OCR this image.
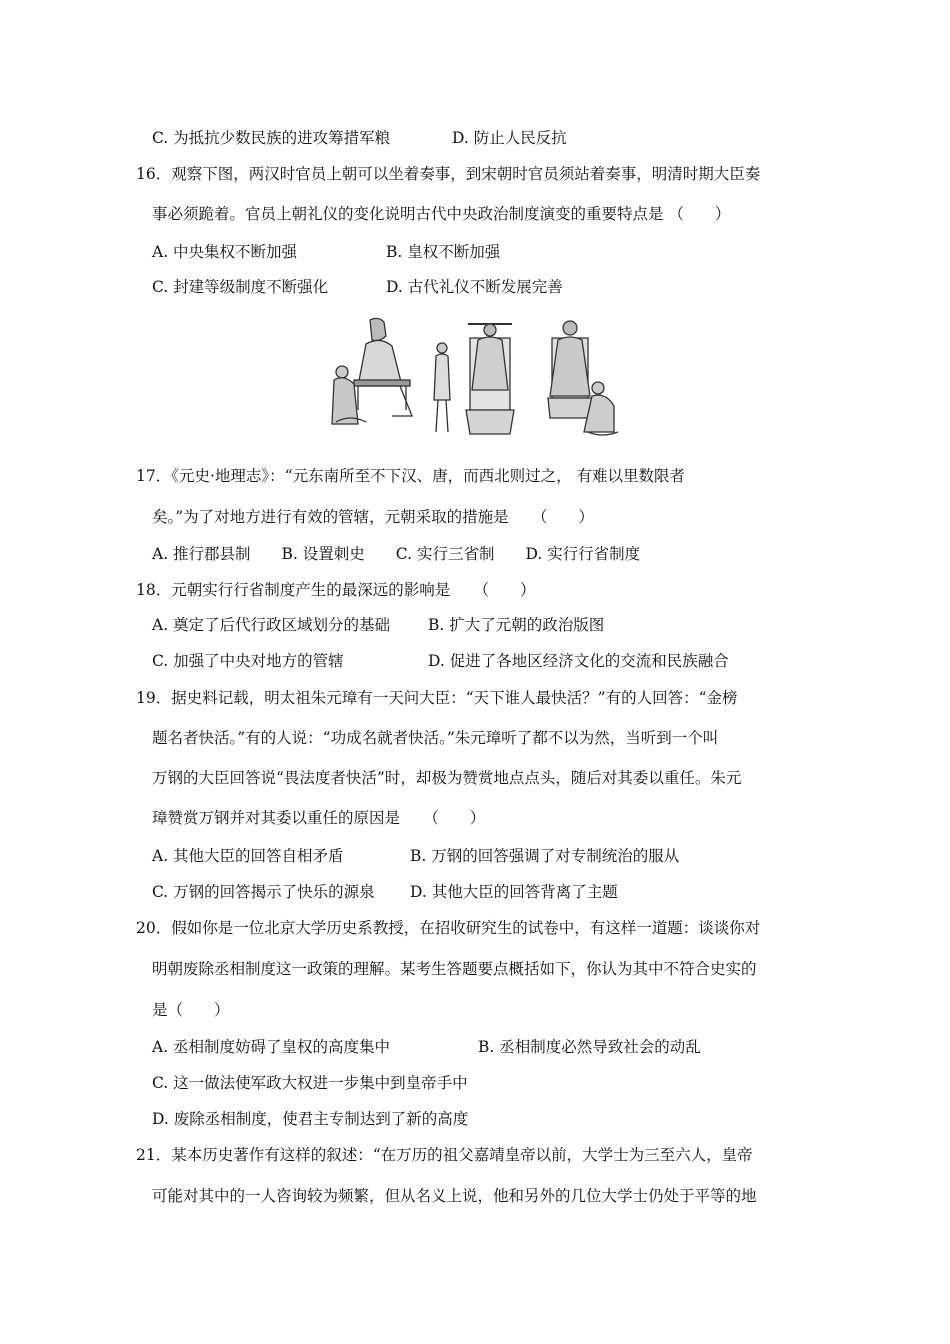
C. 为抵抗少数民族的进攻筹措军粮	D. 防止人民反抗
16．观察下图，两汉时官员上朝可以坐着奏事，到宋朝时官员须站着奏事，明清时期大臣奏
事必须跪着。官员上朝礼仪的变化说明古代中央政治制度演变的重要特点是 （　　）
A. 中央集权不断加强	B. 皇权不断加强
C. 封建等级制度不断强化	D. 古代礼仪不断发展完善
17．《元史·地理志》：“元东南所至不下汉、唐，而西北则过之， 有难以里数限者
矣。”为了对地方进行有效的管辖，元朝采取的措施是　　（　　）
A. 推行郡县制　　B. 设置刺史　　C. 实行三省制　　D. 实行行省制度
18．元朝实行行省制度产生的最深远的影响是　　（　　）
A. 奠定了后代行政区域划分的基础 B. 扩大了元朝的政治版图
C. 加强了中央对地方的管辖	D. 促进了各地区经济文化的交流和民族融合
19．据史料记载，明太祖朱元璋有一天问大臣：“天下谁人最快活？”有的人回答：“金榜
题名者快活。”有的人说：“功成名就者快活。”朱元璋听了都不以为然，当听到一个叫
万钢的大臣回答说“畏法度者快活”时，却极为赞赏地点点头，随后对其委以重任。朱元
璋赞赏万钢并对其委以重任的原因是　　（　　）
A. 其他大臣的回答自相矛盾	B. 万钢的回答强调了对专制统治的服从
C. 万钢的回答揭示了快乐的源泉 D. 其他大臣的回答背离了主题
20．假如你是一位北京大学历史系教授，在招收研究生的试卷中，有这样一道题：谈谈你对
明朝废除丞相制度这一政策的理解。某考生答题要点概括如下，你认为其中不符合史实的
是（　　）
A. 丞相制度妨碍了皇权的高度集中	B. 丞相制度必然导致社会的动乱
C. 这一做法使军政大权进一步集中到皇帝手中
D. 废除丞相制度，使君主专制达到了新的高度
21．某本历史著作有这样的叙述：“在万历的祖父嘉靖皇帝以前，大学士为三至六人，皇帝
可能对其中的一人咨询较为频繁，但从名义上说，他和另外的几位大学士仍处于平等的地
